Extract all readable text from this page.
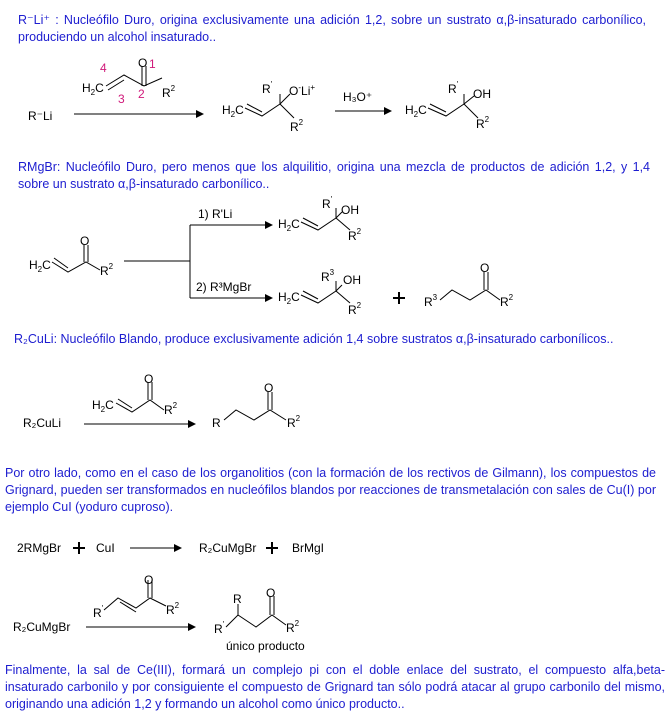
R⁻Li⁺ : Nucleófilo Duro, origina exclusivamente una adición 1,2, sobre un sustrato α,β-insaturado carbonílico, produciendo un alcohol insaturado..
RMgBr: Nucleófilo Duro, pero menos que los alquilitio, origina una mezcla de productos de adición 1,2, y 1,4 sobre un sustrato α,β-insaturado carbonílico..
R₂CuLi: Nucleófilo Blando, produce exclusivamente adición 1,4 sobre sustratos α,β-insaturado carbonílicos..
Por otro lado, como en el caso de los organolitios (con la formación de los rectivos de Gilmann), los compuestos de Grignard, pueden ser transformados en nucleófilos blandos por reacciones de transmetalación con sales de Cu(I) por ejemplo CuI (yoduro cuproso).
Finalmente, la sal de Ce(III), formará un complejo pi con el doble enlace del sustrato, el compuesto alfa,beta-insaturado carbonilo y por consiguiente el compuesto de Grignard tan sólo podrá atacar al grupo carbonilo del mismo, originando una adición 1,2 y formando un alcohol como único producto..
R⁻Li
$H_2C$
O
$R^2$
4	1
2
3
$H_2C$
R' O-Li+
$R^2$
H₃O⁺
$H_2C$
R'
OH
$R^2$
$H_2C$
O
$R^2$
1) R'Li
2) R³MgBr
$H_2C$
R'
OH
$R^2$
$H_2C$
$R^3$
OH
$R^2$	$R^3$
O
$R^2$
R₂CuLi
$H_2C$
O
$R^2$
R
O
$R^2$
2RMgBr	CuI	R₂CuMgBr	BrMgI
R₂CuMgBr
R'
O
$R^2$
R'
R O
$R^2$
único producto
